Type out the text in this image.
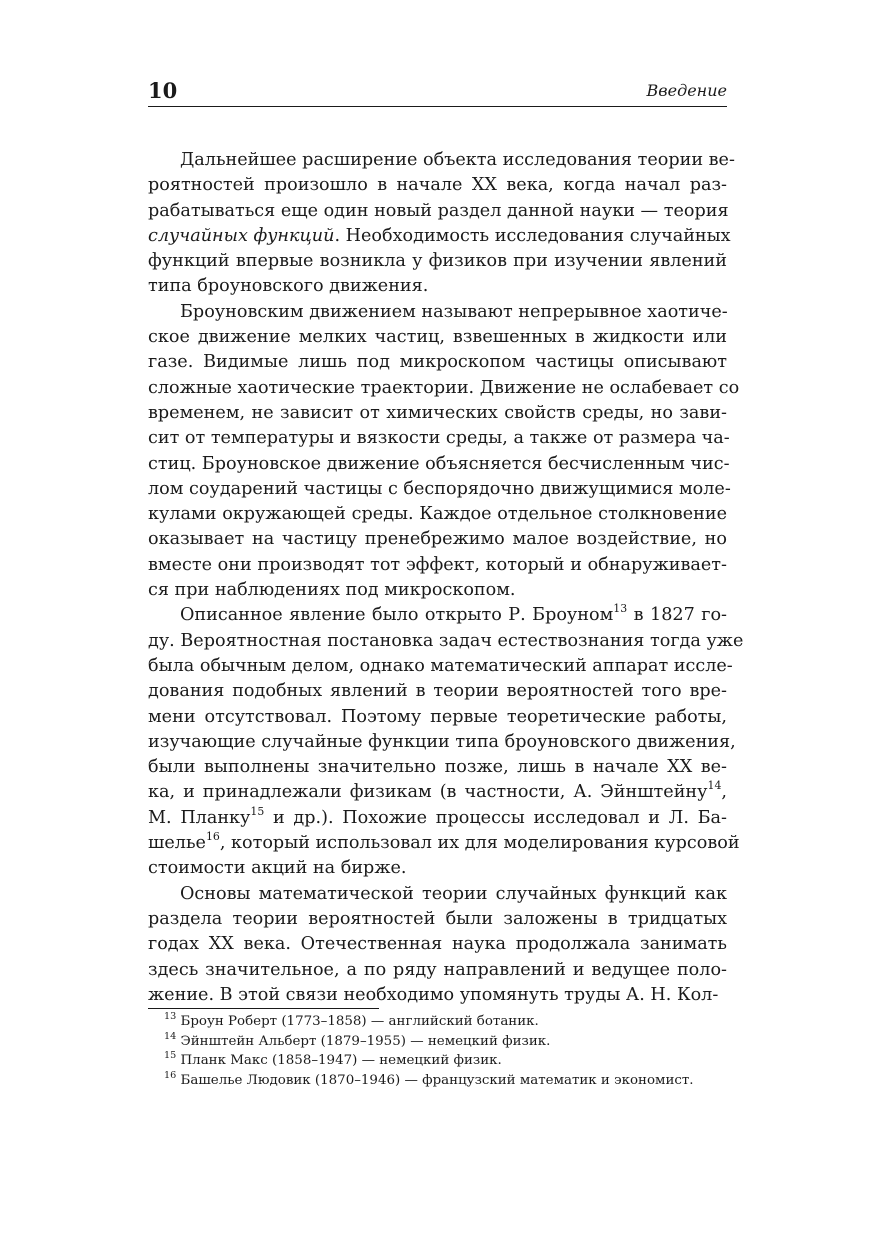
10	Введение
Дальнейшее расширение объекта исследования теории ве-
роятностей произошло в начале XX века, когда начал раз-
рабатываться еще один новый раздел данной науки — теория
случайных функций. Необходимость исследования случайных
функций впервые возникла у физиков при изучении явлений
типа броуновского движения.
Броуновским движением называют непрерывное хаотиче-
ское движение мелких частиц, взвешенных в жидкости или
газе. Видимые лишь под микроскопом частицы описывают
сложные хаотические траектории. Движение не ослабевает со
временем, не зависит от химических свойств среды, но зави-
сит от температуры и вязкости среды, а также от размера ча-
стиц. Броуновское движение объясняется бесчисленным чис-
лом соударений частицы с беспорядочно движущимися моле-
кулами окружающей среды. Каждое отдельное столкновение
оказывает на частицу пренебрежимо малое воздействие, но
вместе они производят тот эффект, который и обнаруживает-
ся при наблюдениях под микроскопом.
Описанное явление было открыто Р. Броуном$^{13}$ в 1827 го-
ду. Вероятностная постановка задач естествознания тогда уже
была обычным делом, однако математический аппарат иссле-
дования подобных явлений в теории вероятностей того вре-
мени отсутствовал. Поэтому первые теоретические работы,
изучающие случайные функции типа броуновского движения,
были выполнены значительно позже, лишь в начале XX ве-
ка, и принадлежали физикам (в частности, А. Эйнштейну$^{14}$,
М. Планку$^{15}$ и др.). Похожие процессы исследовал и Л. Ба-
шелье$^{16}$, который использовал их для моделирования курсовой
стоимости акций на бирже.
Основы математической теории случайных функций как
раздела теории вероятностей были заложены в тридцатых
годах XX века. Отечественная наука продолжала занимать
здесь значительное, а по ряду направлений и ведущее поло-
жение. В этой связи необходимо упомянуть труды А. Н. Кол-
$^{13}$ Броун Роберт (1773–1858) — английский ботаник.
$^{14}$ Эйнштейн Альберт (1879–1955) — немецкий физик.
$^{15}$ Планк Макс (1858–1947) — немецкий физик.
$^{16}$ Башелье Людовик (1870–1946) — французский математик и экономист.
